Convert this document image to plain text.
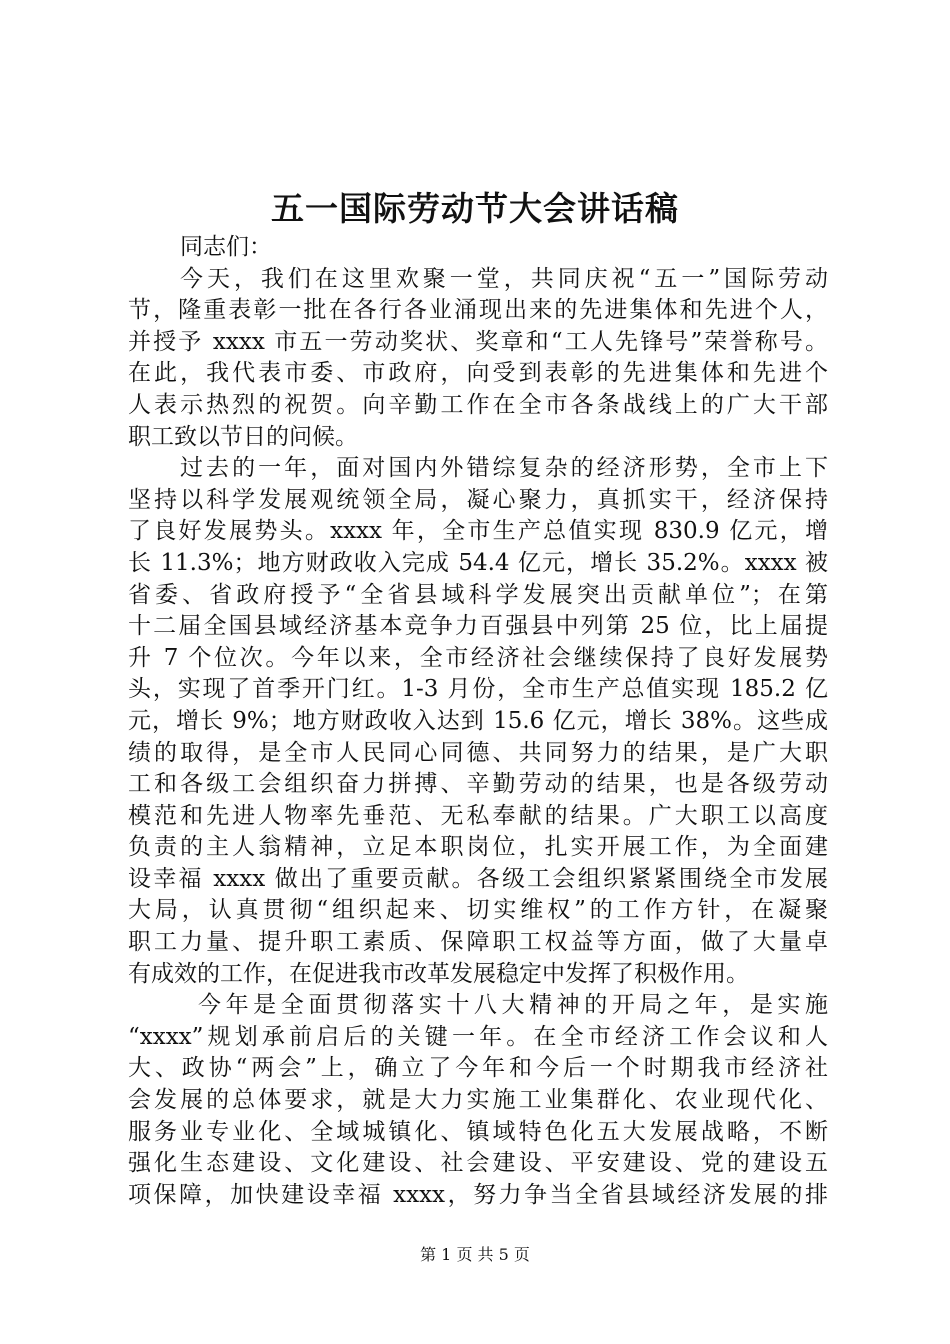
五一国际劳动节大会讲话稿
同志们：
今天，我们在这里欢聚一堂，共同庆祝“五一”国际劳动
节，隆重表彰一批在各行各业涌现出来的先进集体和先进个人，
并授予 xxxx 市五一劳动奖状、奖章和“工人先锋号”荣誉称号。
在此，我代表市委、市政府，向受到表彰的先进集体和先进个
人表示热烈的祝贺。向辛勤工作在全市各条战线上的广大干部
职工致以节日的问候。
过去的一年，面对国内外错综复杂的经济形势，全市上下
坚持以科学发展观统领全局，凝心聚力，真抓实干，经济保持
了良好发展势头。xxxx 年，全市生产总值实现 830.9 亿元，增
长 11.3%；地方财政收入完成 54.4 亿元，增长 35.2%。xxxx 被
省委、省政府授予“全省县域科学发展突出贡献单位”；在第
十二届全国县域经济基本竞争力百强县中列第 25 位，比上届提
升 7 个位次。今年以来，全市经济社会继续保持了良好发展势
头，实现了首季开门红。1-3 月份，全市生产总值实现 185.2 亿
元，增长 9%；地方财政收入达到 15.6 亿元，增长 38%。这些成
绩的取得，是全市人民同心同德、共同努力的结果，是广大职
工和各级工会组织奋力拼搏、辛勤劳动的结果，也是各级劳动
模范和先进人物率先垂范、无私奉献的结果。广大职工以高度
负责的主人翁精神，立足本职岗位，扎实开展工作，为全面建
设幸福 xxxx 做出了重要贡献。各级工会组织紧紧围绕全市发展
大局，认真贯彻“组织起来、切实维权”的工作方针，在凝聚
职工力量、提升职工素质、保障职工权益等方面，做了大量卓
有成效的工作，在促进我市改革发展稳定中发挥了积极作用。
今年是全面贯彻落实十八大精神的开局之年，是实施
“xxxx”规划承前启后的关键一年。在全市经济工作会议和人
大、政协“两会”上，确立了今年和今后一个时期我市经济社
会发展的总体要求，就是大力实施工业集群化、农业现代化、
服务业专业化、全域城镇化、镇域特色化五大发展战略，不断
强化生态建设、文化建设、社会建设、平安建设、党的建设五
项保障，加快建设幸福 xxxx，努力争当全省县域经济发展的排
第 1 页 共 5 页
